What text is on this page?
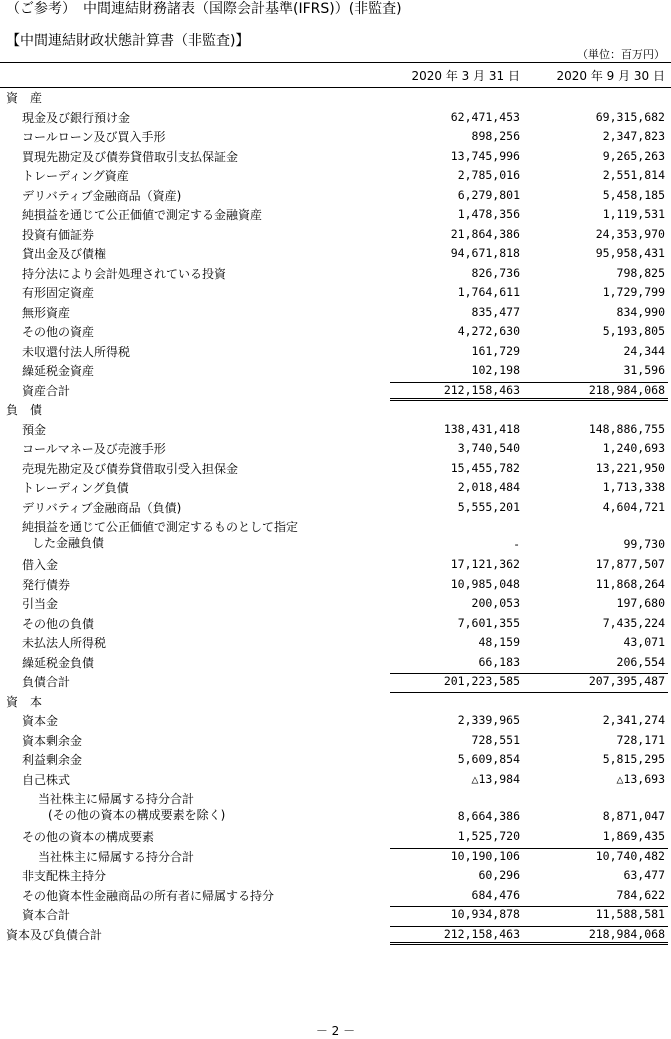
（ご参考）　中間連結財務諸表（国際会計基準(IFRS)）(非監査)
【中間連結財政状態計算書（非監査)】
（単位：百万円）
2020 年 3 月 31 日	2020 年 9 月 30 日
資　産
現金及び銀行預け金	62,471,453	69,315,682
コールローン及び買入手形	898,256	2,347,823
買現先勘定及び債券貸借取引支払保証金	13,745,996	9,265,263
トレーディング資産	2,785,016	2,551,814
デリバティブ金融商品（資産)	6,279,801	5,458,185
純損益を通じて公正価値で測定する金融資産	1,478,356	1,119,531
投資有価証券	21,864,386	24,353,970
貸出金及び債権	94,671,818	95,958,431
持分法により会計処理されている投資	826,736	798,825
有形固定資産	1,764,611	1,729,799
無形資産	835,477	834,990
その他の資産	4,272,630	5,193,805
未収還付法人所得税	161,729	24,344
繰延税金資産	102,198	31,596
資産合計	212,158,463	218,984,068
負　債
預金	138,431,418	148,886,755
コールマネー及び売渡手形	3,740,540	1,240,693
売現先勘定及び債券貸借取引受入担保金	15,455,782	13,221,950
トレーディング負債	2,018,484	1,713,338
デリバティブ金融商品（負債)	5,555,201	4,604,721
純損益を通じて公正価値で測定するものとして指定
した金融負債	-	99,730
借入金	17,121,362	17,877,507
発行債券	10,985,048	11,868,264
引当金	200,053	197,680
その他の負債	7,601,355	7,435,224
未払法人所得税	48,159	43,071
繰延税金負債	66,183	206,554
負債合計	201,223,585	207,395,487
資　本
資本金	2,339,965	2,341,274
資本剰余金	728,551	728,171
利益剰余金	5,609,854	5,815,295
自己株式	△13,984	△13,693
当社株主に帰属する持分合計
(その他の資本の構成要素を除く)	8,664,386	8,871,047
その他の資本の構成要素	1,525,720	1,869,435
当社株主に帰属する持分合計	10,190,106	10,740,482
非支配株主持分	60,296	63,477
その他資本性金融商品の所有者に帰属する持分	684,476	784,622
資本合計	10,934,878	11,588,581
資本及び負債合計	212,158,463	218,984,068
－ 2 －
